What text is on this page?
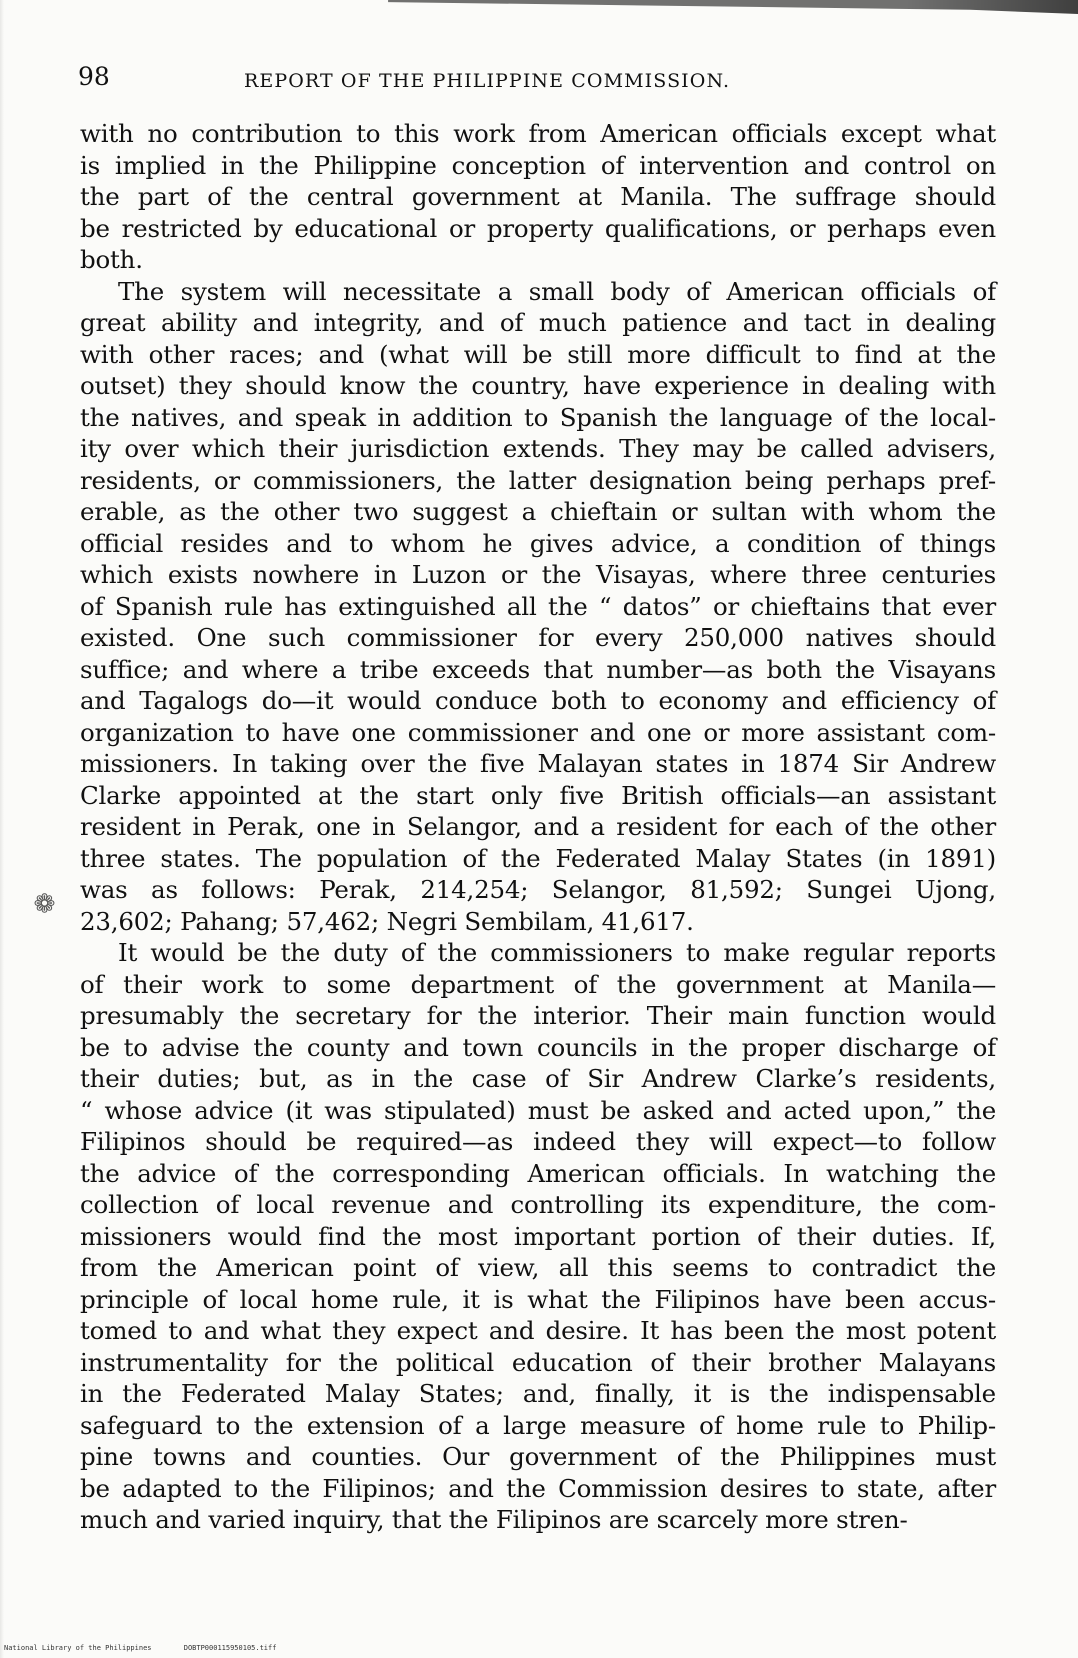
98	REPORT OF THE PHILIPPINE COMMISSION.
with no contribution to this work from American officials except what
is implied in the Philippine conception of intervention and control on
the part of the central government at Manila. The suffrage should
be restricted by educational or property qualifications, or perhaps even
both.
The system will necessitate a small body of American officials of
great ability and integrity, and of much patience and tact in dealing
with other races; and (what will be still more difficult to find at the
outset) they should know the country, have experience in dealing with
the natives, and speak in addition to Spanish the language of the local-
ity over which their jurisdiction extends. They may be called advisers,
residents, or commissioners, the latter designation being perhaps pref-
erable, as the other two suggest a chieftain or sultan with whom the
official resides and to whom he gives advice, a condition of things
which exists nowhere in Luzon or the Visayas, where three centuries
of Spanish rule has extinguished all the “ datos” or chieftains that ever
existed. One such commissioner for every 250,000 natives should
suffice; and where a tribe exceeds that number—as both the Visayans
and Tagalogs do—it would conduce both to economy and efficiency of
organization to have one commissioner and one or more assistant com-
missioners. In taking over the five Malayan states in 1874 Sir Andrew
Clarke appointed at the start only five British officials—an assistant
resident in Perak, one in Selangor, and a resident for each of the other
three states. The population of the Federated Malay States (in 1891)
was as follows: Perak, 214,254; Selangor, 81,592; Sungei Ujong,
23,602; Pahang; 57,462; Negri Sembilam, 41,617.
It would be the duty of the commissioners to make regular reports
of their work to some department of the government at Manila—
presumably the secretary for the interior. Their main function would
be to advise the county and town councils in the proper discharge of
their duties; but, as in the case of Sir Andrew Clarke’s residents,
“ whose advice (it was stipulated) must be asked and acted upon,” the
Filipinos should be required—as indeed they will expect—to follow
the advice of the corresponding American officials. In watching the
collection of local revenue and controlling its expenditure, the com-
missioners would find the most important portion of their duties. If,
from the American point of view, all this seems to contradict the
principle of local home rule, it is what the Filipinos have been accus-
tomed to and what they expect and desire. It has been the most potent
instrumentality for the political education of their brother Malayans
in the Federated Malay States; and, finally, it is the indispensable
safeguard to the extension of a large measure of home rule to Philip-
pine towns and counties. Our government of the Philippines must
be adapted to the Filipinos; and the Commission desires to state, after
much and varied inquiry, that the Filipinos are scarcely more stren-
❁
National Library of the Philippines	DOBTP000115950105.tiff
